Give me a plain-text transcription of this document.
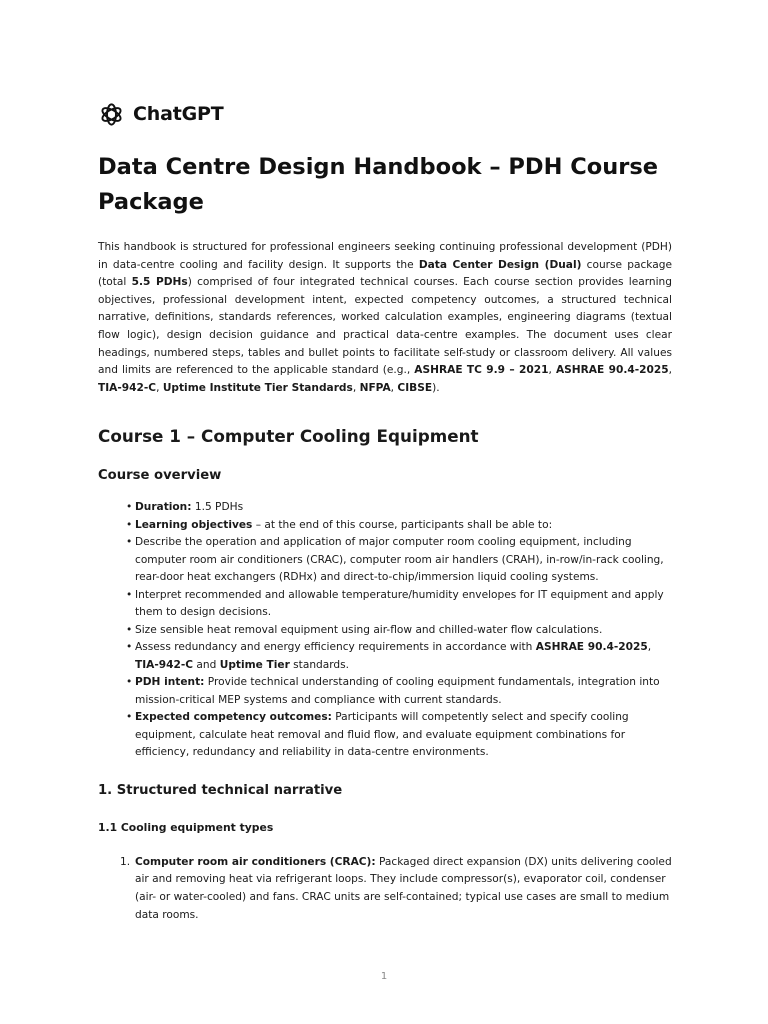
ChatGPT
Data Centre Design Handbook – PDH Course Package

This handbook is structured for professional engineers seeking continuing professional development (PDH) in data-centre cooling and facility design. It supports the Data Center Design (Dual) course package (total 5.5 PDHs) comprised of four integrated technical courses. Each course section provides learning objectives, professional development intent, expected competency outcomes, a structured technical narrative, definitions, standards references, worked calculation examples, engineering diagrams (textual flow logic), design decision guidance and practical data-centre examples. The document uses clear headings, numbered steps, tables and bullet points to facilitate self-study or classroom delivery. All values and limits are referenced to the applicable standard (e.g., ASHRAE TC 9.9 – 2021, ASHRAE 90.4-2025, TIA-942-C, Uptime Institute Tier Standards, NFPA, CIBSE).

Course 1 – Computer Cooling Equipment
Course overview
• Duration: 1.5 PDHs
• Learning objectives – at the end of this course, participants shall be able to:
• Describe the operation and application of major computer room cooling equipment, including computer room air conditioners (CRAC), computer room air handlers (CRAH), in-row/in-rack cooling, rear-door heat exchangers (RDHx) and direct-to-chip/immersion liquid cooling systems.
• Interpret recommended and allowable temperature/humidity envelopes for IT equipment and apply them to design decisions.
• Size sensible heat removal equipment using air-flow and chilled-water flow calculations.
• Assess redundancy and energy efficiency requirements in accordance with ASHRAE 90.4-2025, TIA-942-C and Uptime Tier standards.
• PDH intent: Provide technical understanding of cooling equipment fundamentals, integration into mission-critical MEP systems and compliance with current standards.
• Expected competency outcomes: Participants will competently select and specify cooling equipment, calculate heat removal and fluid flow, and evaluate equipment combinations for efficiency, redundancy and reliability in data-centre environments.
1. Structured technical narrative
1.1 Cooling equipment types
1. Computer room air conditioners (CRAC): Packaged direct expansion (DX) units delivering cooled air and removing heat via refrigerant loops. They include compressor(s), evaporator coil, condenser (air- or water-cooled) and fans. CRAC units are self-contained; typical use cases are small to medium data rooms.
1
